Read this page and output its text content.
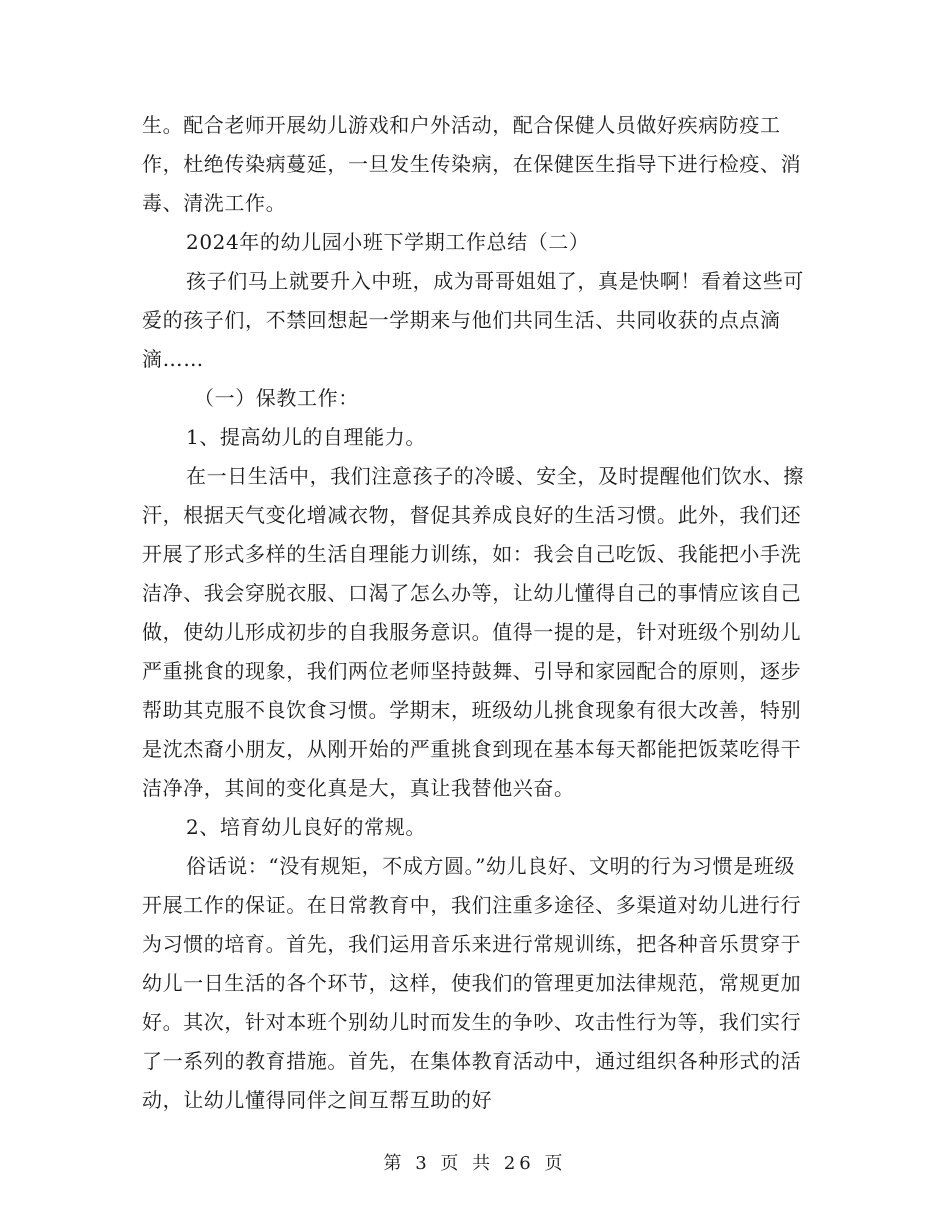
生。配合老师开展幼儿游戏和户外活动，配合保健人员做好疾病防疫工作，杜绝传染病蔓延，一旦发生传染病，在保健医生指导下进行检疫、消毒、清洗工作。

2024年的幼儿园小班下学期工作总结（二）

孩子们马上就要升入中班，成为哥哥姐姐了，真是快啊！看着这些可爱的孩子们，不禁回想起一学期来与他们共同生活、共同收获的点点滴滴……

（一）保教工作：

1、提高幼儿的自理能力。

在一日生活中，我们注意孩子的冷暖、安全，及时提醒他们饮水、擦汗，根据天气变化增减衣物，督促其养成良好的生活习惯。此外，我们还开展了形式多样的生活自理能力训练，如：我会自己吃饭、我能把小手洗洁净、我会穿脱衣服、口渴了怎么办等，让幼儿懂得自己的事情应该自己做，使幼儿形成初步的自我服务意识。值得一提的是，针对班级个别幼儿严重挑食的现象，我们两位老师坚持鼓舞、引导和家园配合的原则，逐步帮助其克服不良饮食习惯。学期末，班级幼儿挑食现象有很大改善，特别是沈杰裔小朋友，从刚开始的严重挑食到现在基本每天都能把饭菜吃得干洁净净，其间的变化真是大，真让我替他兴奋。

2、培育幼儿良好的常规。

俗话说：“没有规矩，不成方圆。”幼儿良好、文明的行为习惯是班级开展工作的保证。在日常教育中，我们注重多途径、多渠道对幼儿进行行为习惯的培育。首先，我们运用音乐来进行常规训练，把各种音乐贯穿于幼儿一日生活的各个环节，这样，使我们的管理更加法律规范，常规更加好。其次，针对本班个别幼儿时而发生的争吵、攻击性行为等，我们实行了一系列的教育措施。首先，在集体教育活动中，通过组织各种形式的活动，让幼儿懂得同伴之间互帮互助的好

第 3 页 共 26 页
